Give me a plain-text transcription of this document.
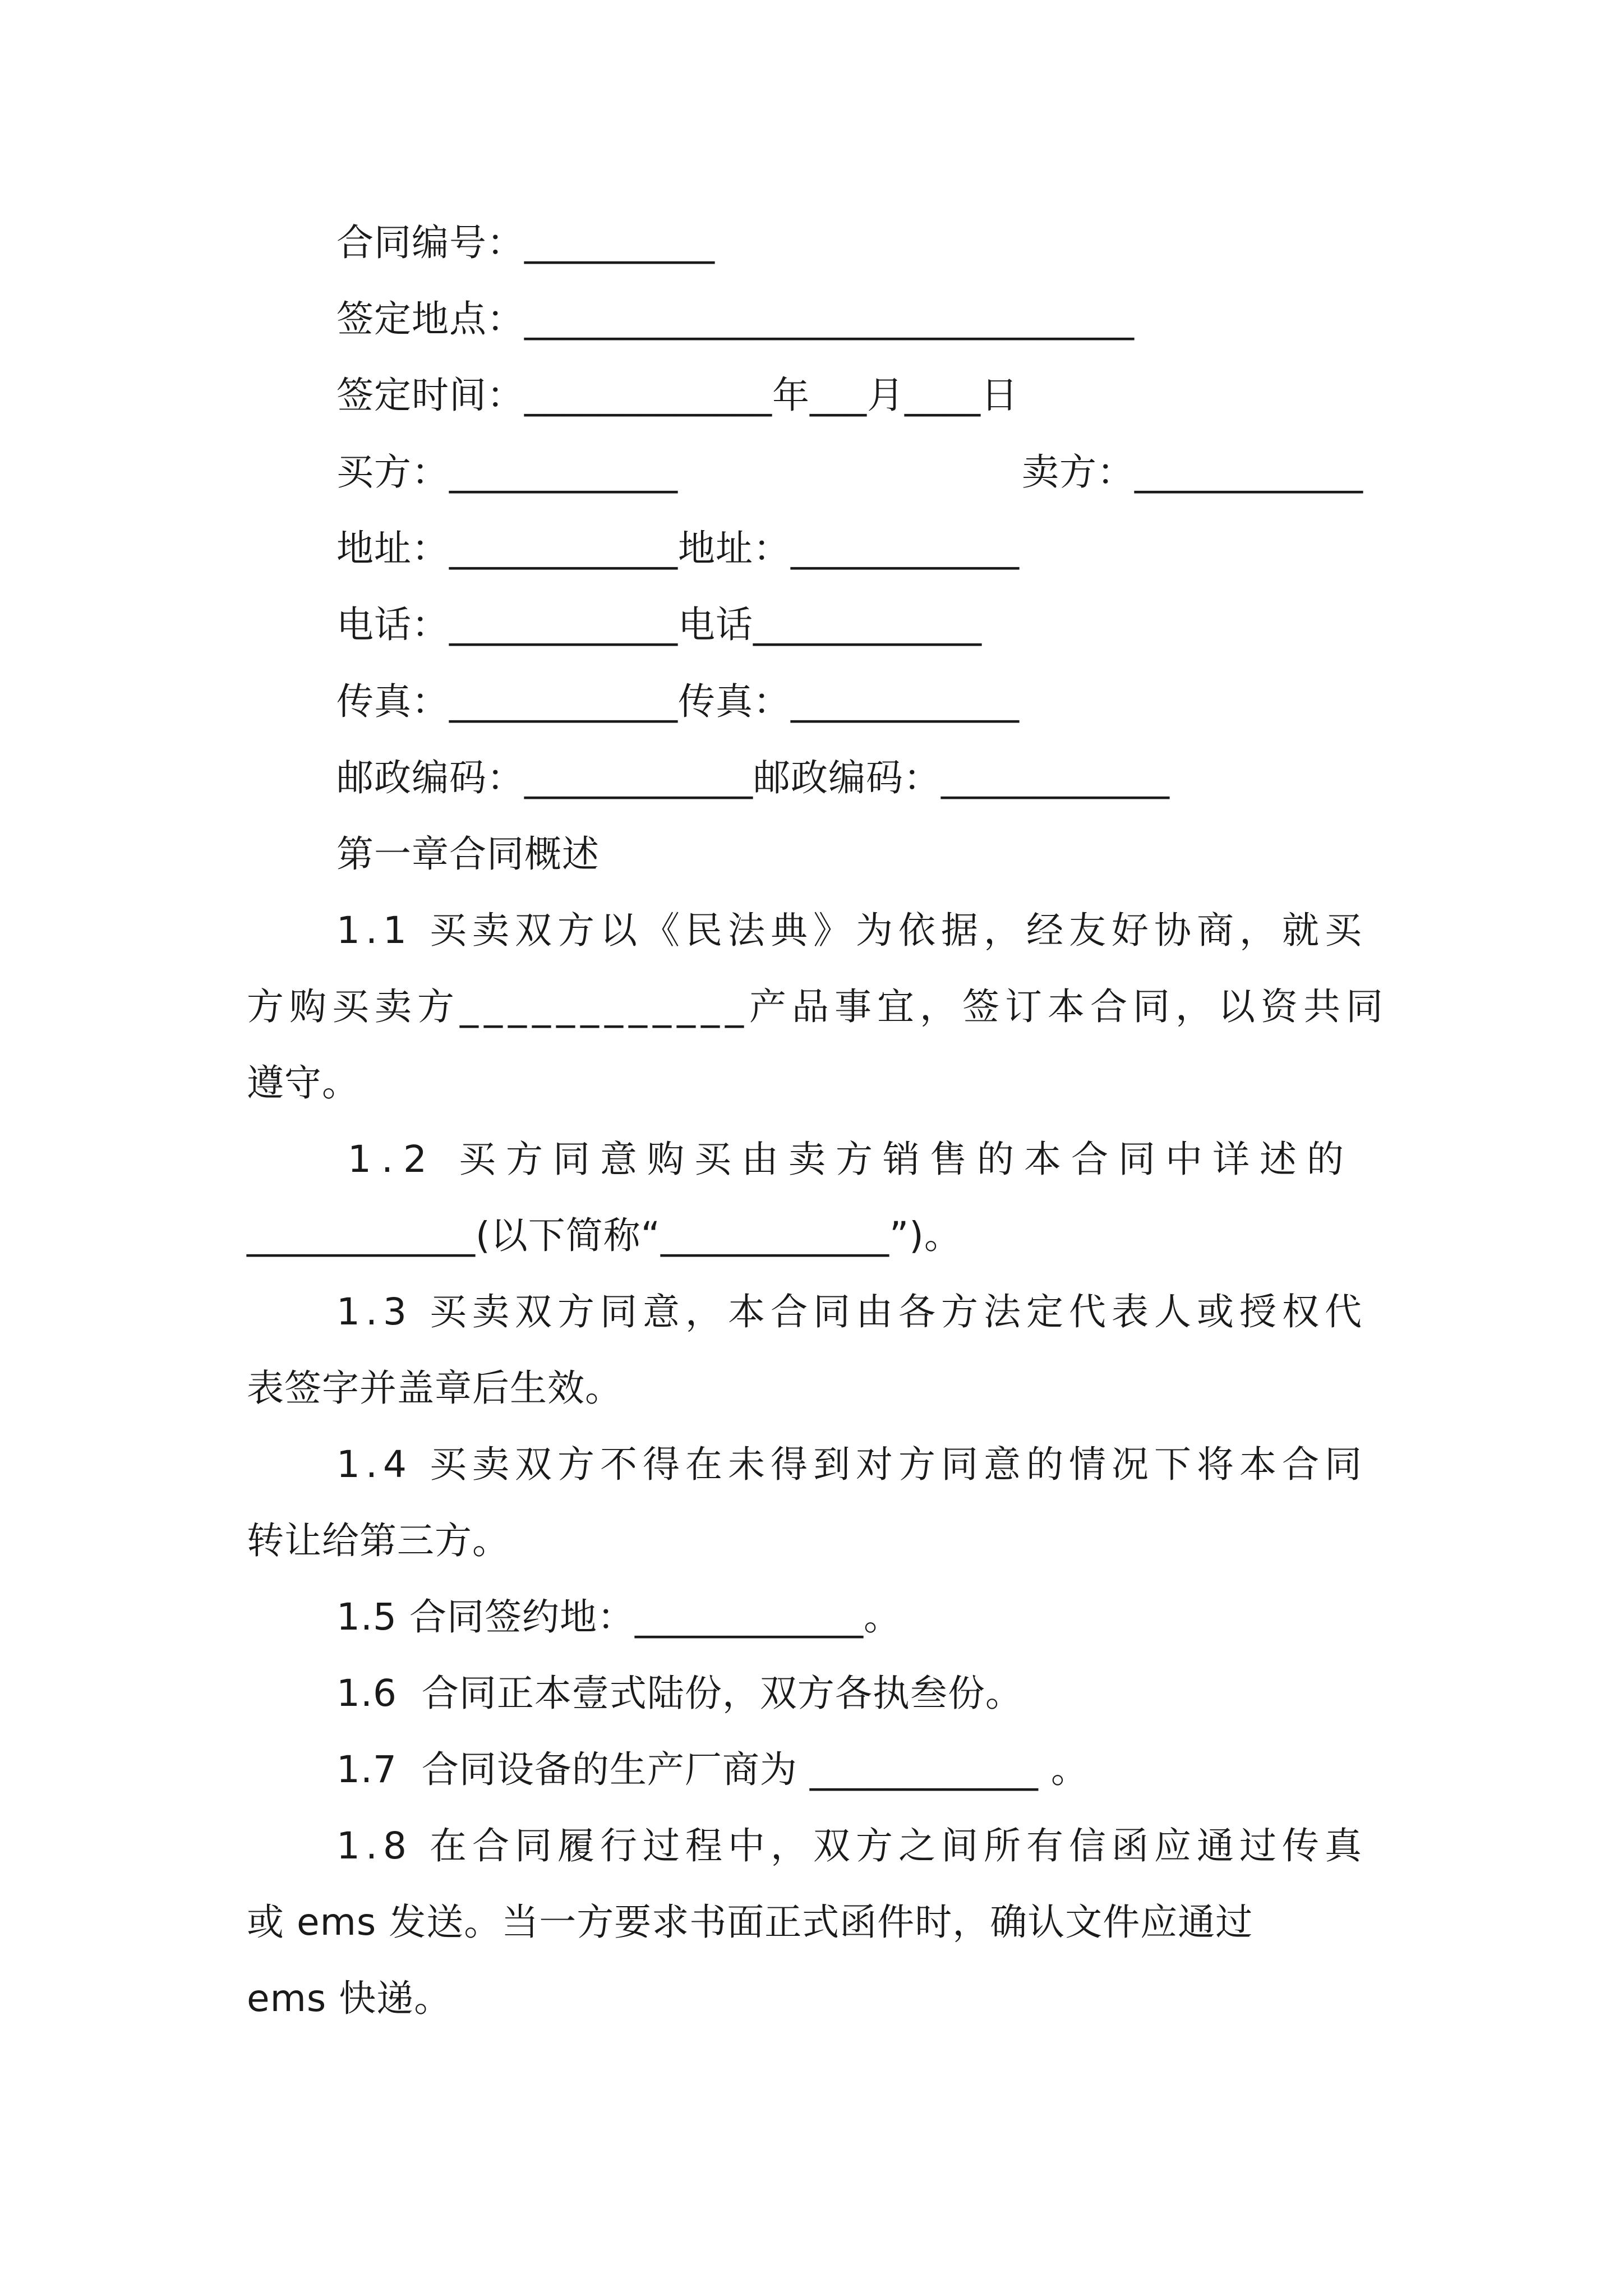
合同编号：__________
签定地点：________________________________
签定时间：_____________年___月____日
买方：____________	卖方：____________
地址：____________地址：____________
电话：____________电话____________
传真：____________传真：____________
邮政编码：____________邮政编码：____________
第一章合同概述
1.1 买卖双方以《民法典》为依据，经友好协商，就买
方购买卖方____________产品事宜，签订本合同，以资共同
遵守。
1.2 买方同意购买由卖方销售的本合同中详述的
____________(以下简称“____________”)。
1.3 买卖双方同意，本合同由各方法定代表人或授权代
表签字并盖章后生效。
1.4 买卖双方不得在未得到对方同意的情况下将本合同
转让给第三方。
1.5 合同签约地：____________。
1.6  合同正本壹式陆份，双方各执叁份。
1.7  合同设备的生产厂商为 ____________ 。
1.8 在合同履行过程中，双方之间所有信函应通过传真
或 ems 发送。当一方要求书面正式函件时，确认文件应通过
ems 快递。
